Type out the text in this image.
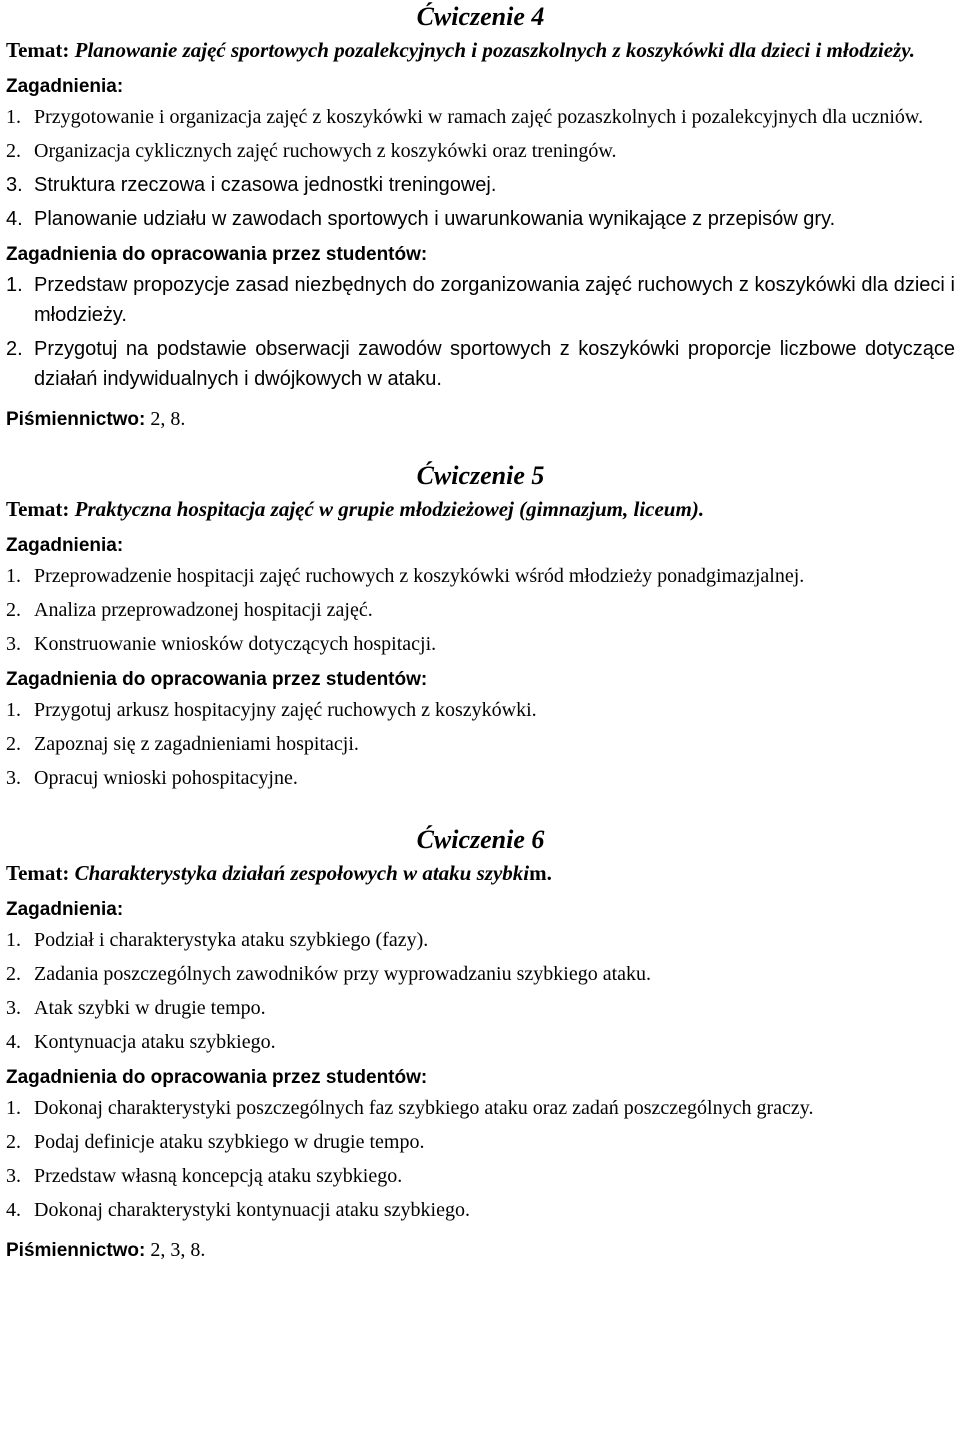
Ćwiczenie 4

Temat: Planowanie zajęć sportowych pozalekcyjnych i pozaszkolnych z koszykówki dla dzieci i młodzieży.

Zagadnienia:
1. Przygotowanie i organizacja zajęć z koszykówki w ramach zajęć pozaszkolnych i pozalekcyjnych dla uczniów.
2. Organizacja cyklicznych zajęć ruchowych z koszykówki oraz treningów.
3. Struktura rzeczowa i czasowa jednostki treningowej.
4. Planowanie udziału w zawodach sportowych i uwarunkowania wynikające z przepisów gry.
Zagadnienia do opracowania przez studentów:
1. Przedstaw propozycje zasad niezbędnych do zorganizowania zajęć ruchowych z koszykówki dla dzieci i młodzieży.
2. Przygotuj na podstawie obserwacji zawodów sportowych z koszykówki proporcje liczbowe dotyczące działań indywidualnych i dwójkowych w ataku.

Piśmiennictwo: 2, 8.

Ćwiczenie 5

Temat: Praktyczna hospitacja zajęć w grupie młodzieżowej (gimnazjum, liceum).

Zagadnienia:
1. Przeprowadzenie hospitacji zajęć ruchowych z koszykówki wśród młodzieży ponadgimazjalnej.
2. Analiza przeprowadzonej hospitacji zajęć.
3. Konstruowanie wniosków dotyczących hospitacji.
Zagadnienia do opracowania przez studentów:
1. Przygotuj arkusz hospitacyjny zajęć ruchowych z koszykówki.
2. Zapoznaj się z zagadnieniami hospitacji.
3. Opracuj wnioski pohospitacyjne.
Ćwiczenie 6

Temat: Charakterystyka działań zespołowych w ataku szybkim.

Zagadnienia:
1. Podział i charakterystyka ataku szybkiego (fazy).
2. Zadania poszczególnych zawodników przy wyprowadzaniu szybkiego ataku.
3. Atak szybki w drugie tempo.
4. Kontynuacja ataku szybkiego.
Zagadnienia do opracowania przez studentów:
1. Dokonaj charakterystyki poszczególnych faz szybkiego ataku oraz zadań poszczególnych graczy.
2. Podaj definicje ataku szybkiego w drugie tempo.
3. Przedstaw własną koncepcją ataku szybkiego.
4. Dokonaj charakterystyki kontynuacji ataku szybkiego.

Piśmiennictwo: 2, 3, 8.
